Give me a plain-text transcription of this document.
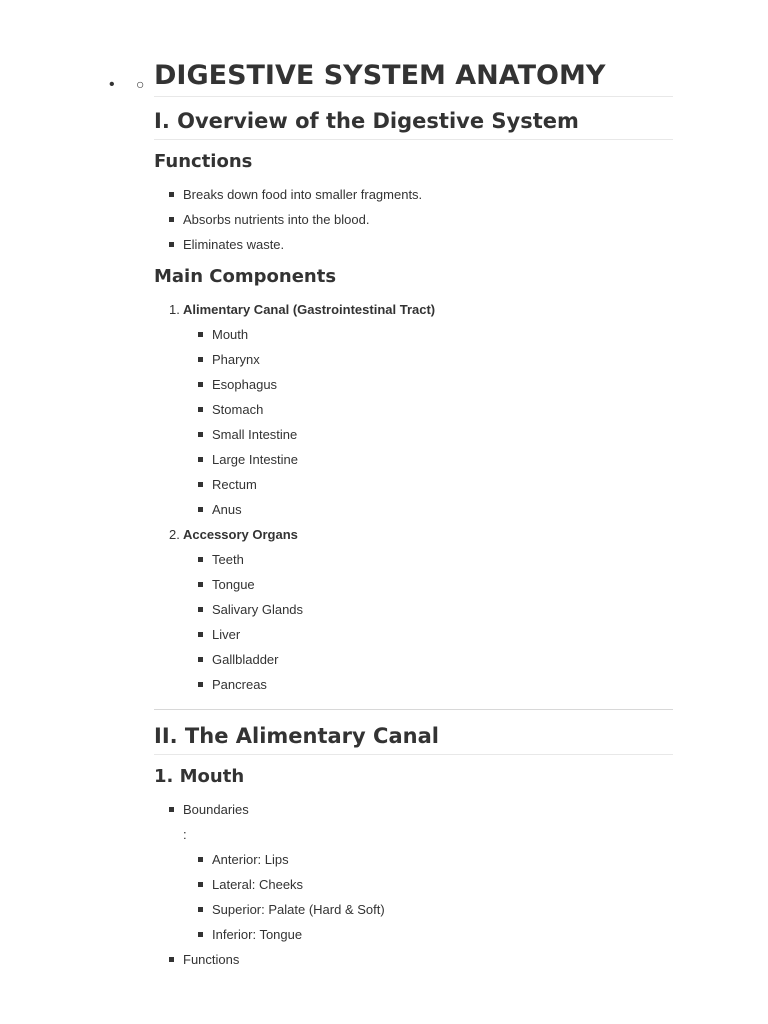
• ○ DIGESTIVE SYSTEM ANATOMY
I. Overview of the Digestive System
Functions
Breaks down food into smaller fragments.
Absorbs nutrients into the blood.
Eliminates waste.
Main Components
1. Alimentary Canal (Gastrointestinal Tract)
Mouth
Pharynx
Esophagus
Stomach
Small Intestine
Large Intestine
Rectum
Anus
2. Accessory Organs
Teeth
Tongue
Salivary Glands
Liver
Gallbladder
Pancreas
II. The Alimentary Canal
1. Mouth
Boundaries
:
Anterior: Lips
Lateral: Cheeks
Superior: Palate (Hard & Soft)
Inferior: Tongue
Functions
